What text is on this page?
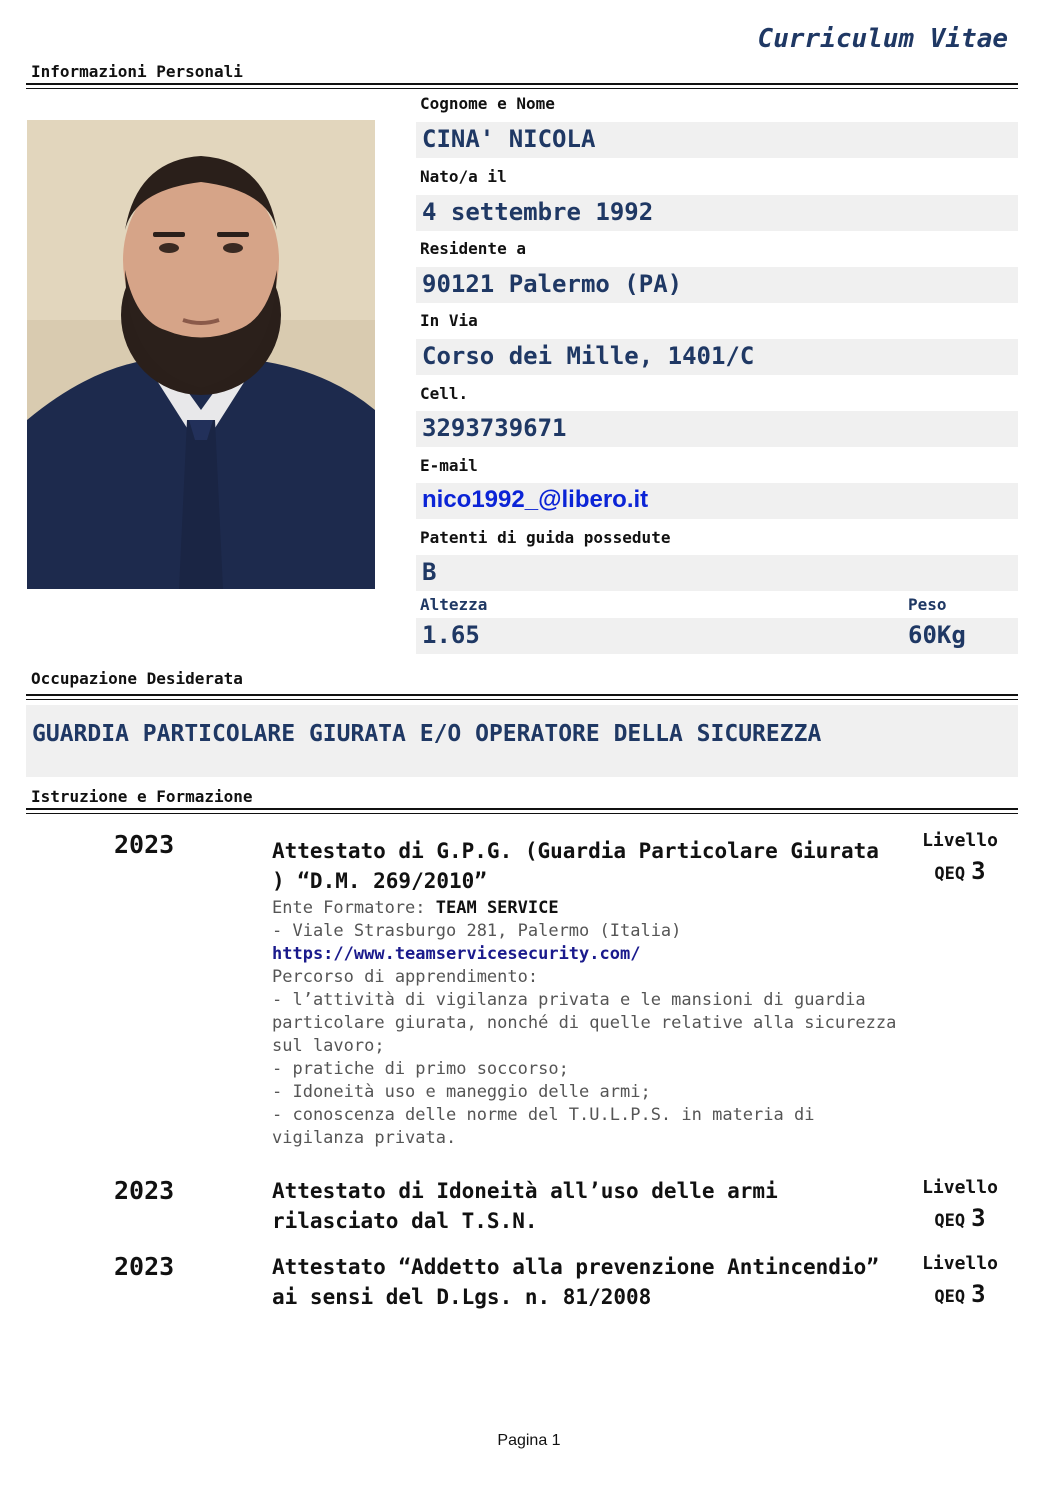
Curriculum Vitae
Informazioni Personali
Cognome e Nome
CINA' NICOLA
Nato/a il
4 settembre 1992
Residente a
90121 Palermo (PA)
In Via
Corso dei Mille, 1401/C
Cell.
3293739671
E-mail
nico1992_@libero.it
Patenti di guida possedute
B
Altezza	Peso
1.65	60Kg
Occupazione Desiderata
GUARDIA PARTICOLARE GIURATA E/O OPERATORE DELLA SICUREZZA
Istruzione e Formazione
2023	Attestato di G.P.G. (Guardia Particolare Giurata ) “D.M. 269/2010”
Livello
QEQ 3
Ente Formatore: TEAM SERVICE
- Viale Strasburgo 281, Palermo (Italia)
https://www.teamservicesecurity.com/
Percorso di apprendimento:
- l’attività di vigilanza privata e le mansioni di guardia particolare giurata, nonché di quelle relative alla sicurezza sul lavoro;
- pratiche di primo soccorso;
- Idoneità uso e maneggio delle armi;
- conoscenza delle norme del T.U.L.P.S. in materia di vigilanza privata.
2023	Attestato di Idoneità all’uso delle armi rilasciato dal T.S.N.
Livello
QEQ 3
2023	Attestato “Addetto alla prevenzione Antincendio” ai sensi del D.Lgs. n. 81/2008
Livello
QEQ 3
Pagina 1
